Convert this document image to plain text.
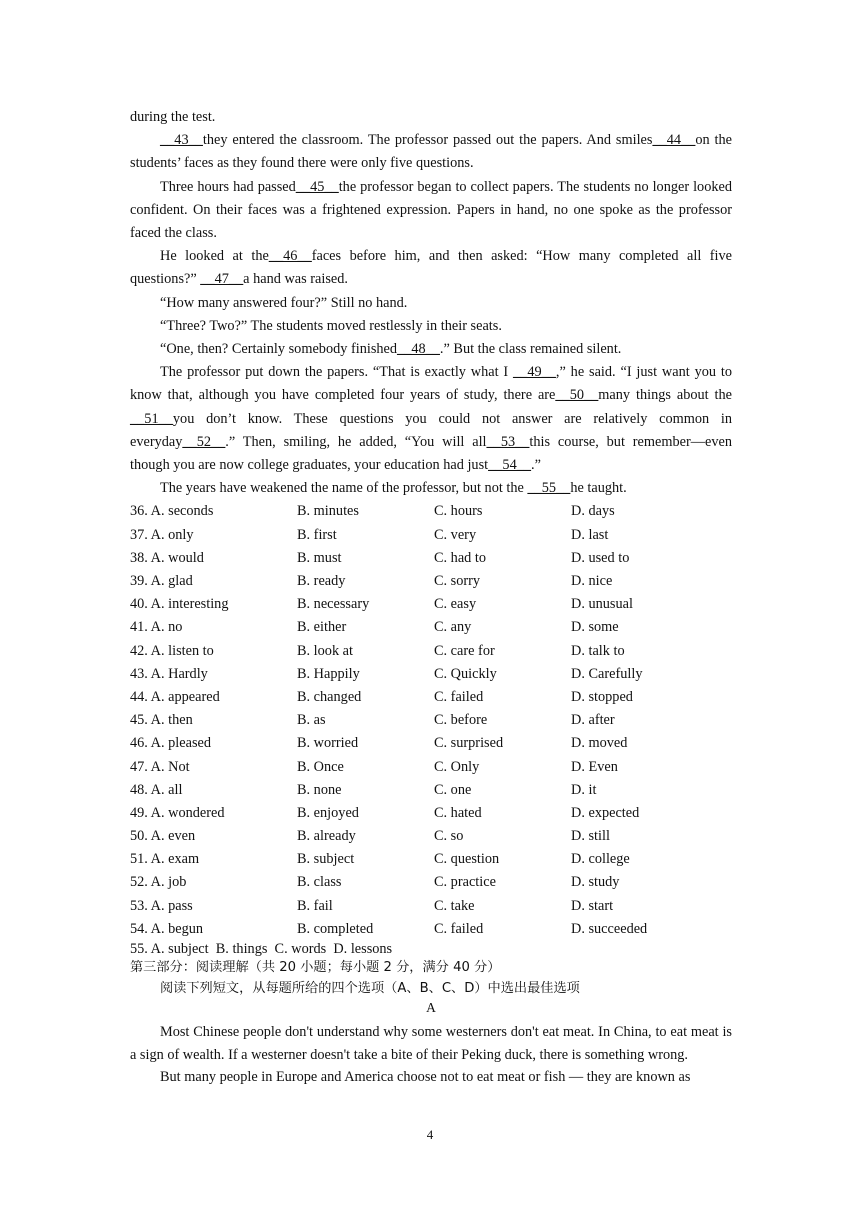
during the test.

__43__they entered the classroom. The professor passed out the papers. And smiles__44__on the students’ faces as they found there were only five questions.

Three hours had passed__45__the professor began to collect papers. The students no longer looked confident. On their faces was a frightened expression. Papers in hand, no one spoke as the professor faced the class.

He looked at the__46__faces before him, and then asked: “How many completed all five questions?” __47__a hand was raised.

“How many answered four?” Still no hand.

“Three? Two?” The students moved restlessly in their seats.

“One, then? Certainly somebody finished__48__.” But the class remained silent.

The professor put down the papers. “That is exactly what I __49__,” he said. “I just want you to know that, although you have completed four years of study, there are__50__many things about the __51__you don’t know. These questions you could not answer are relatively common in everyday__52__.” Then, smiling, he added, “You will all__53__this course, but remember—even though you are now college graduates, your education had just__54__.”

The years have weakened the name of the professor, but not the __55__he taught.

36. A. seconds	B. minutes	C. hours	D. days
37. A. only	B. first	C. very	D. last
38. A. would	B. must	C. had to	D. used to
39. A. glad	B. ready	C. sorry	D. nice
40. A. interesting	B. necessary	C. easy	D. unusual
41. A. no	B. either	C. any	D. some
42. A. listen to	B. look at	C. care for	D. talk to
43. A. Hardly	B. Happily	C. Quickly	D. Carefully
44. A. appeared	B. changed	C. failed	D. stopped
45. A. then	B. as	C. before	D. after
46. A. pleased	B. worried	C. surprised	D. moved
47. A. Not	B. Once	C. Only	D. Even
48. A. all	B. none	C. one	D. it
49. A. wondered	B. enjoyed	C. hated	D. expected
50. A. even	B. already	C. so	D. still
51. A. exam	B. subject	C. question	D. college
52. A. job	B. class	C. practice	D. study
53. A. pass	B. fail	C. take	D. start
54. A. begun	B. completed	C. failed	D. succeeded
55. A. subject  B. things  C. words  D. lessons

第三部分：阅读理解（共 20 小题；每小题 2 分，满分 40 分）

阅读下列短文，从每题所给的四个选项（A、B、C、D）中选出最佳选项

A

Most Chinese people don't understand why some westerners don't eat meat. In China, to eat meat is a sign of wealth. If a westerner doesn't take a bite of their Peking duck, there is something wrong.

But many people in Europe and America choose not to eat meat or fish — they are known as

4
